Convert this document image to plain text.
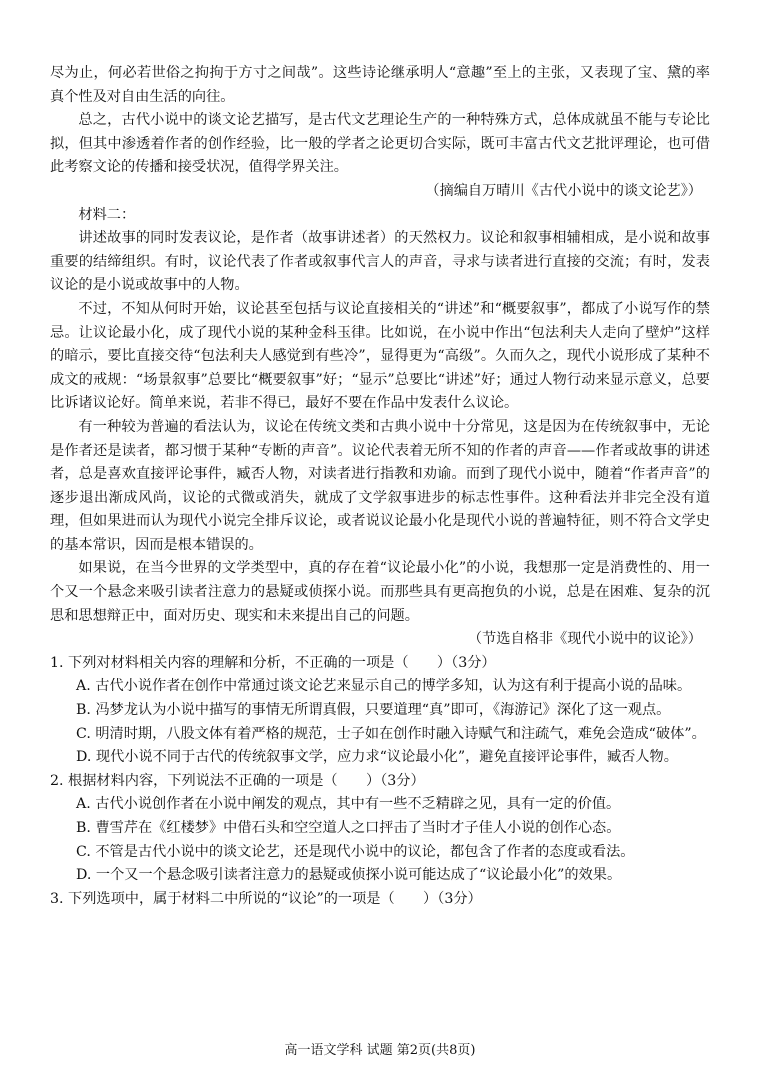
尽为止，何必若世俗之拘拘于方寸之间哉”。这些诗论继承明人“意趣”至上的主张，又表现了宝、黛的率真个性及对自由生活的向往。

总之，古代小说中的谈文论艺描写，是古代文艺理论生产的一种特殊方式，总体成就虽不能与专论比拟，但其中渗透着作者的创作经验，比一般的学者之论更切合实际，既可丰富古代文艺批评理论，也可借此考察文论的传播和接受状况，值得学界关注。

（摘编自万晴川《古代小说中的谈文论艺》）

材料二：

讲述故事的同时发表议论，是作者（故事讲述者）的天然权力。议论和叙事相辅相成，是小说和故事重要的结缔组织。有时，议论代表了作者或叙事代言人的声音，寻求与读者进行直接的交流；有时，发表议论的是小说或故事中的人物。

不过，不知从何时开始，议论甚至包括与议论直接相关的“讲述”和“概要叙事”，都成了小说写作的禁忌。让议论最小化，成了现代小说的某种金科玉律。比如说，在小说中作出“包法利夫人走向了壁炉”这样的暗示，要比直接交待“包法利夫人感觉到有些冷”，显得更为“高级”。久而久之，现代小说形成了某种不成文的戒规：“场景叙事”总要比“概要叙事”好；“显示”总要比“讲述”好；通过人物行动来显示意义，总要比诉诸议论好。简单来说，若非不得已，最好不要在作品中发表什么议论。

有一种较为普遍的看法认为，议论在传统文类和古典小说中十分常见，这是因为在传统叙事中，无论是作者还是读者，都习惯于某种“专断的声音”。议论代表着无所不知的作者的声音——作者或故事的讲述者，总是喜欢直接评论事件，臧否人物，对读者进行指教和劝谕。而到了现代小说中，随着“作者声音”的逐步退出渐成风尚，议论的式微或消失，就成了文学叙事进步的标志性事件。这种看法并非完全没有道理，但如果进而认为现代小说完全排斥议论，或者说议论最小化是现代小说的普遍特征，则不符合文学史的基本常识，因而是根本错误的。

如果说，在当今世界的文学类型中，真的存在着“议论最小化”的小说，我想那一定是消费性的、用一个又一个悬念来吸引读者注意力的悬疑或侦探小说。而那些具有更高抱负的小说，总是在困难、复杂的沉思和思想辩正中，面对历史、现实和未来提出自己的问题。

（节选自格非《现代小说中的议论》）

1. 下列对材料相关内容的理解和分析，不正确的一项是（　　）（3分）

A. 古代小说作者在创作中常通过谈文论艺来显示自己的博学多知，认为这有利于提高小说的品味。

B. 冯梦龙认为小说中描写的事情无所谓真假，只要道理“真”即可，《海游记》深化了这一观点。

C. 明清时期，八股文体有着严格的规范，士子如在创作时融入诗赋气和注疏气，难免会造成“破体”。

D. 现代小说不同于古代的传统叙事文学，应力求“议论最小化”，避免直接评论事件，臧否人物。

2. 根据材料内容，下列说法不正确的一项是（　　）（3分）

A. 古代小说创作者在小说中阐发的观点，其中有一些不乏精辟之见，具有一定的价值。

B. 曹雪芹在《红楼梦》中借石头和空空道人之口抨击了当时才子佳人小说的创作心态。

C. 不管是古代小说中的谈文论艺，还是现代小说中的议论，都包含了作者的态度或看法。

D. 一个又一个悬念吸引读者注意力的悬疑或侦探小说可能达成了“议论最小化”的效果。

3. 下列选项中，属于材料二中所说的“议论”的一项是（　　）（3分）

高一语文学科 试题 第2页(共8页)
